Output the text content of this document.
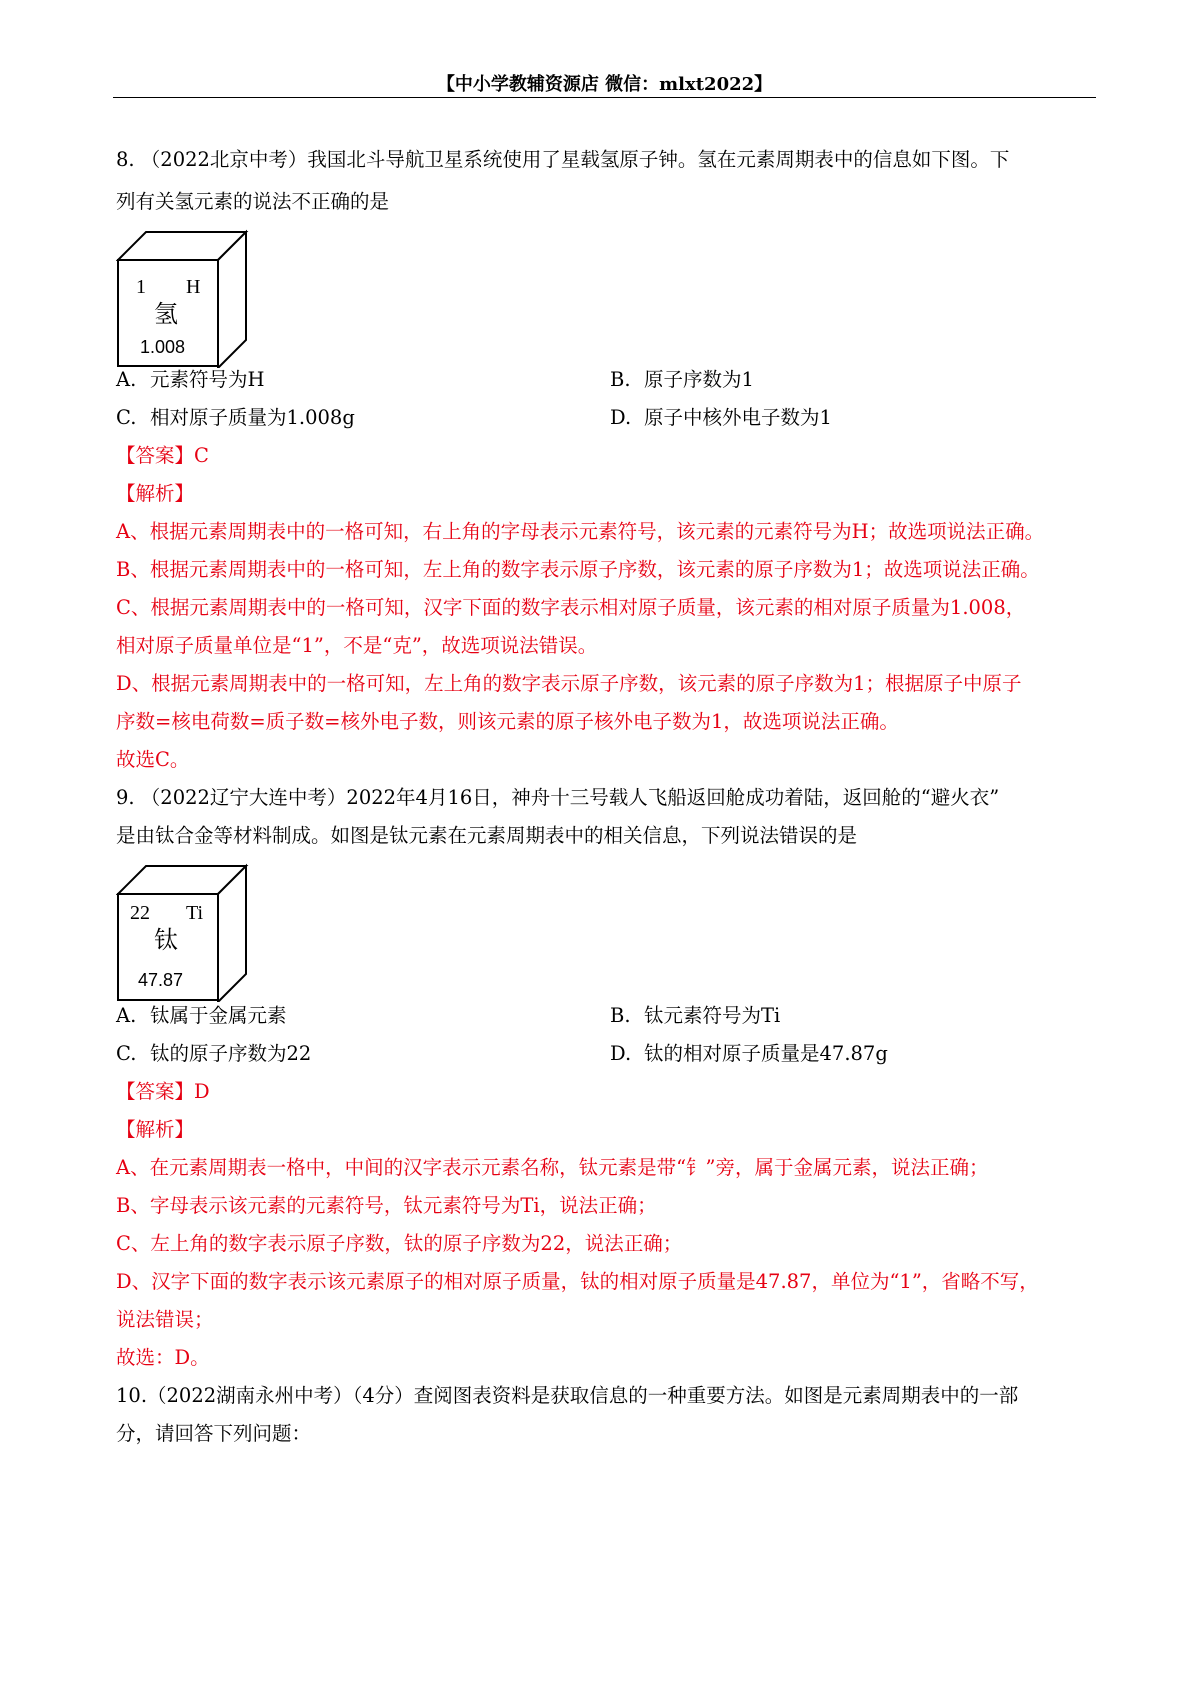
【中小学教辅资源店 微信：mlxt2022】
8. （2022北京中考）我国北斗导航卫星系统使用了星载氢原子钟。氢在元素周期表中的信息如下图。下
列有关氢元素的说法不正确的是
1 H
氢
1.008
A. 元素符号为H	B. 原子序数为1
C. 相对原子质量为1.008g	D. 原子中核外电子数为1
【答案】C
【解析】
A、根据元素周期表中的一格可知，右上角的字母表示元素符号，该元素的元素符号为H；故选项说法正确。
B、根据元素周期表中的一格可知，左上角的数字表示原子序数，该元素的原子序数为1；故选项说法正确。
C、根据元素周期表中的一格可知，汉字下面的数字表示相对原子质量，该元素的相对原子质量为1.008，
相对原子质量单位是“1”，不是“克”，故选项说法错误。
D、根据元素周期表中的一格可知，左上角的数字表示原子序数，该元素的原子序数为1；根据原子中原子
序数=核电荷数=质子数=核外电子数，则该元素的原子核外电子数为1，故选项说法正确。
故选C。
9. （2022辽宁大连中考）2022年4月16日，神舟十三号载人飞船返回舱成功着陆，返回舱的“避火衣”
是由钛合金等材料制成。如图是钛元素在元素周期表中的相关信息，下列说法错误的是
22 Ti
钛
47.87
A. 钛属于金属元素	B. 钛元素符号为Ti
C. 钛的原子序数为22	D. 钛的相对原子质量是47.87g
【答案】D
【解析】
A、在元素周期表一格中，中间的汉字表示元素名称，钛元素是带“钅”旁，属于金属元素，说法正确；
B、字母表示该元素的元素符号，钛元素符号为Ti，说法正确；
C、左上角的数字表示原子序数，钛的原子序数为22，说法正确；
D、汉字下面的数字表示该元素原子的相对原子质量，钛的相对原子质量是47.87，单位为“1”，省略不写，
说法错误；
故选：D。
10.（2022湖南永州中考）（4分）查阅图表资料是获取信息的一种重要方法。如图是元素周期表中的一部
分，请回答下列问题：
